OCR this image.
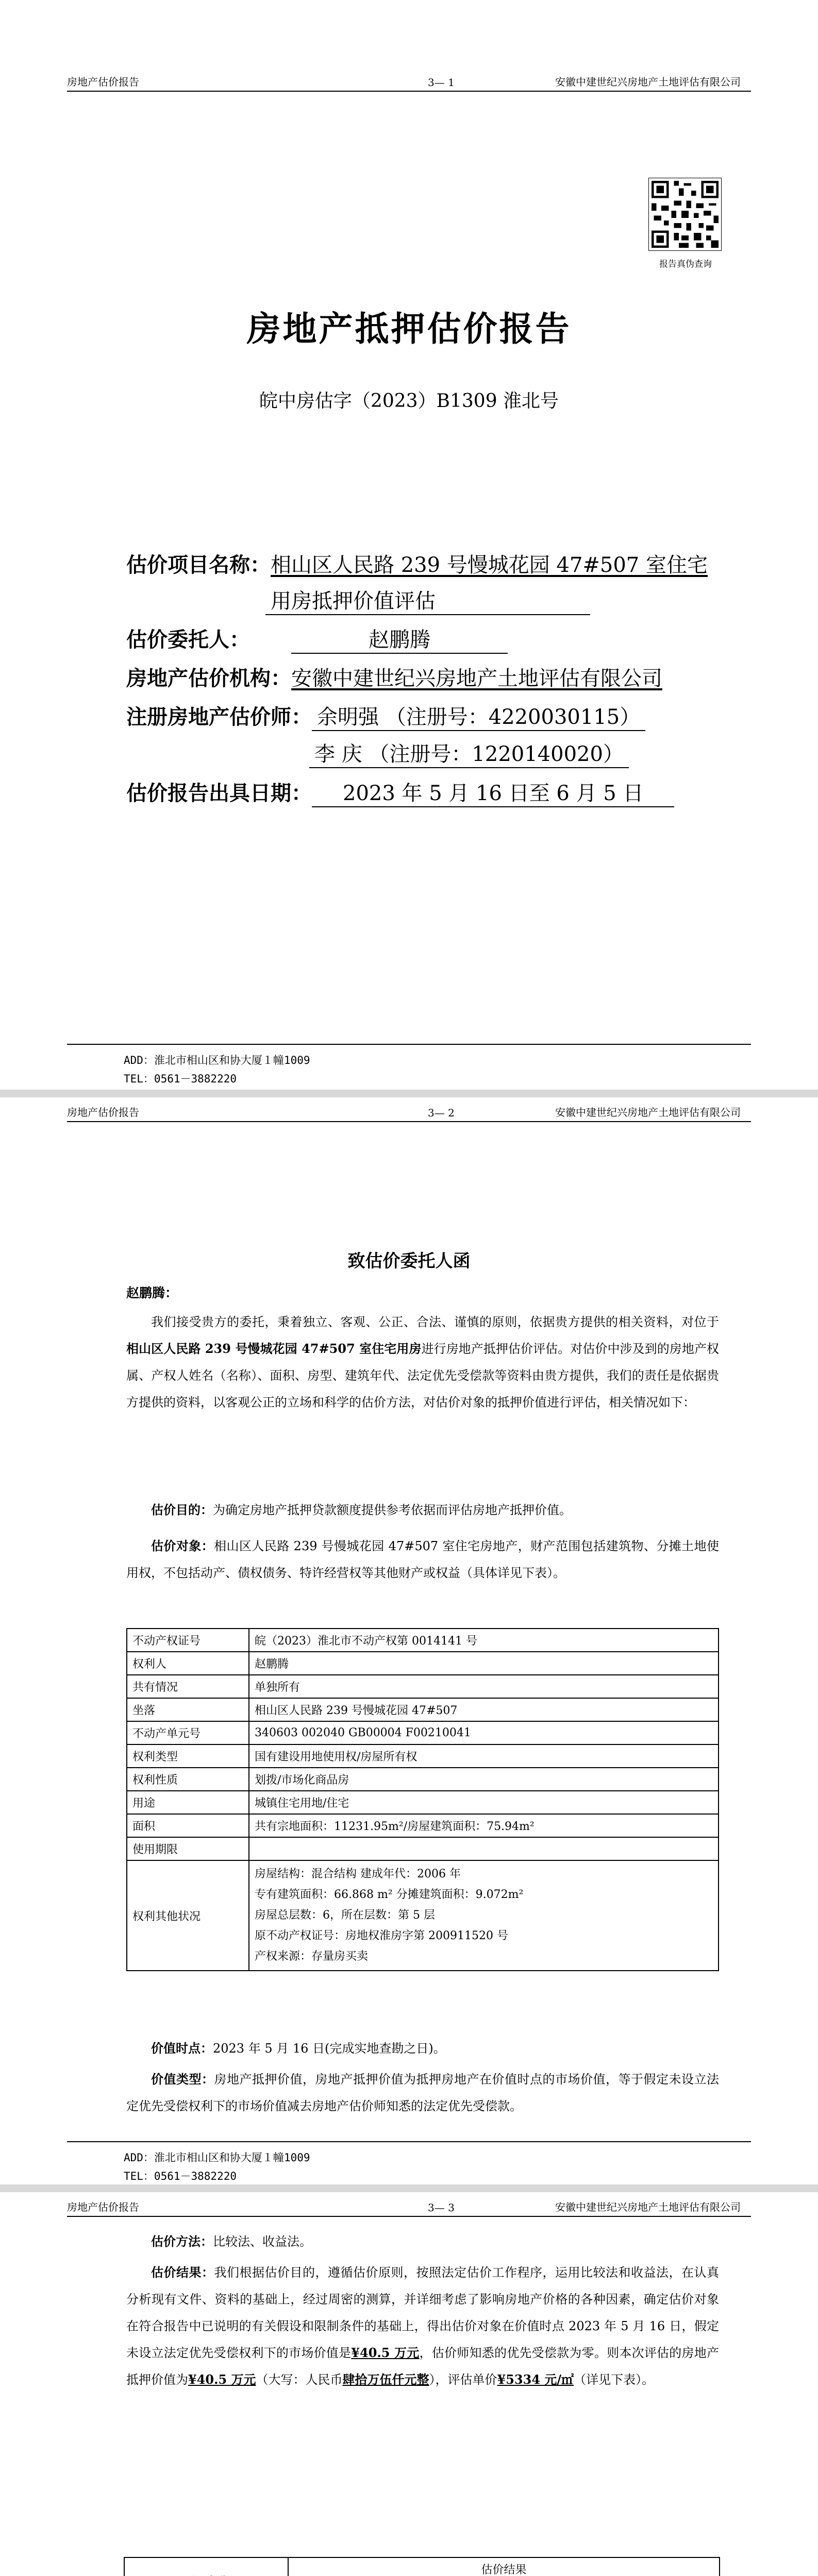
房地产估价报告	3— 1	安徽中建世纪兴房地产土地评估有限公司
报告真伪查询
房地产抵押估价报告
皖中房估字（2023）B1309 淮北号
估价项目名称：相山区人民路 239 号慢城花园 47#507 室住宅
用房抵押价值评估
估价委托人：	赵鹏腾
房地产估价机构：安徽中建世纪兴房地产土地评估有限公司
注册房地产估价师： 余明强 （注册号：4220030115）
李 庆 （注册号：1220140020）
估价报告出具日期： 2023 年 5 月 16 日至 6 月 5 日
ADD：淮北市相山区和协大厦１幢1009
TEL：0561－3882220
房地产估价报告	3— 2	安徽中建世纪兴房地产土地评估有限公司
致估价委托人函
赵鹏腾：
我们接受贵方的委托，秉着独立、客观、公正、合法、谨慎的原则，依据贵方提供的相关资料，对位于相山区人民路 239 号慢城花园 47#507 室住宅用房进行房地产抵押估价评估。对估价中涉及到的房地产权属、产权人姓名（名称）、面积、房型、建筑年代、法定优先受偿款等资料由贵方提供，我们的责任是依据贵方提供的资料，以客观公正的立场和科学的估价方法，对估价对象的抵押价值进行评估，相关情况如下：
估价目的：为确定房地产抵押贷款额度提供参考依据而评估房地产抵押价值。
估价对象：相山区人民路 239 号慢城花园 47#507 室住宅房地产，财产范围包括建筑物、分摊土地使用权，不包括动产、债权债务、特许经营权等其他财产或权益（具体详见下表）。
不动产权证号	皖（2023）淮北市不动产权第 0014141 号
权利人	赵鹏腾
共有情况	单独所有
坐落	相山区人民路 239 号慢城花园 47#507
不动产单元号	340603 002040 GB00004 F00210041
权利类型	国有建设用地使用权/房屋所有权
权利性质	划拨/市场化商品房
用途	城镇住宅用地/住宅
面积	共有宗地面积：11231.95m²/房屋建筑面积：75.94m²
使用期限	
权利其他状况	房屋结构：混合结构 建成年代：2006 年
专有建筑面积：66.868 m² 分摊建筑面积：9.072m²
房屋总层数：6，所在层数：第 5 层
原不动产权证号：房地权淮房字第 200911520 号
产权来源：存量房买卖
价值时点：2023 年 5 月 16 日(完成实地查勘之日)。
价值类型：房地产抵押价值，房地产抵押价值为抵押房地产在价值时点的市场价值，等于假定未设立法定优先受偿权利下的市场价值减去房地产估价师知悉的法定优先受偿款。
ADD：淮北市相山区和协大厦１幢1009
TEL：0561－3882220
房地产估价报告	3— 3	安徽中建世纪兴房地产土地评估有限公司
估价方法：比较法、收益法。
估价结果：我们根据估价目的，遵循估价原则，按照法定估价工作程序，运用比较法和收益法，在认真分析现有文件、资料的基础上，经过周密的测算，并详细考虑了影响房地产价格的各种因素，确定估价对象在符合报告中已说明的有关假设和限制条件的基础上，得出估价对象在价值时点 2023 年 5 月 16 日，假定未设立法定优先受偿权利下的市场价值是¥40.5 万元，估价师知悉的优先受偿款为零。则本次评估的房地产抵押价值为¥40.5 万元（大写：人民币肆拾万伍仟元整），评估单价¥5334 元/㎡（详见下表）。
	估价结果		
